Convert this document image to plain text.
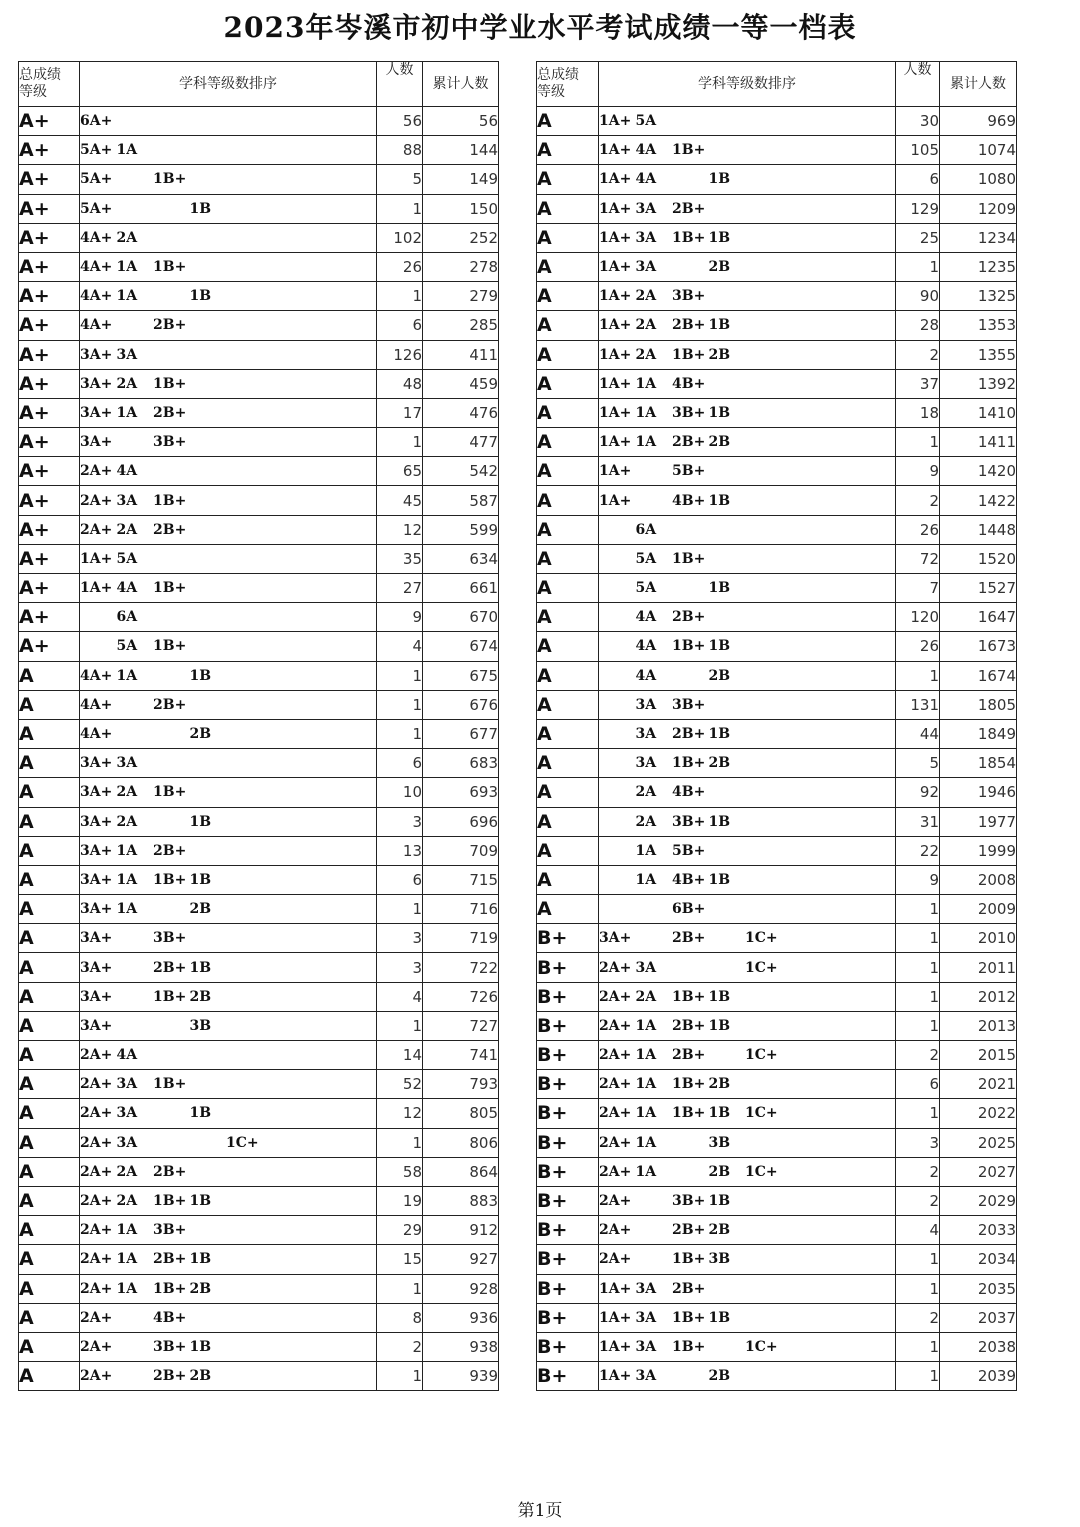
2023年岑溪市初中学业水平考试成绩一等一档表
总成绩
等级	学科等级数排序	人数	累计人数
A+	6A+	56	56
A+	5A+ 1A	88	144
A+	5A+ 1B+	5	149
A+	5A+ 1B	1	150
A+	4A+ 2A	102	252
A+	4A+ 1A 1B+	26	278
A+	4A+ 1A 1B	1	279
A+	4A+ 2B+	6	285
A+	3A+ 3A	126	411
A+	3A+ 2A 1B+	48	459
A+	3A+ 1A 2B+	17	476
A+	3A+ 3B+	1	477
A+	2A+ 4A	65	542
A+	2A+ 3A 1B+	45	587
A+	2A+ 2A 2B+	12	599
A+	1A+ 5A	35	634
A+	1A+ 4A 1B+	27	661
A+	6A	9	670
A+	5A 1B+	4	674
A	4A+ 1A 1B	1	675
A	4A+ 2B+	1	676
A	4A+ 2B	1	677
A	3A+ 3A	6	683
A	3A+ 2A 1B+	10	693
A	3A+ 2A 1B	3	696
A	3A+ 1A 2B+	13	709
A	3A+ 1A 1B+ 1B	6	715
A	3A+ 1A 2B	1	716
A	3A+ 3B+	3	719
A	3A+ 2B+ 1B	3	722
A	3A+ 1B+ 2B	4	726
A	3A+ 3B	1	727
A	2A+ 4A	14	741
A	2A+ 3A 1B+	52	793
A	2A+ 3A 1B	12	805
A	2A+ 3A 1C+	1	806
A	2A+ 2A 2B+	58	864
A	2A+ 2A 1B+ 1B	19	883
A	2A+ 1A 3B+	29	912
A	2A+ 1A 2B+ 1B	15	927
A	2A+ 1A 1B+ 2B	1	928
A	2A+ 4B+	8	936
A	2A+ 3B+ 1B	2	938
A	2A+ 2B+ 2B	1	939
总成绩
等级	学科等级数排序	人数	累计人数
A	1A+ 5A	30	969
A	1A+ 4A 1B+	105	1074
A	1A+ 4A 1B	6	1080
A	1A+ 3A 2B+	129	1209
A	1A+ 3A 1B+ 1B	25	1234
A	1A+ 3A 2B	1	1235
A	1A+ 2A 3B+	90	1325
A	1A+ 2A 2B+ 1B	28	1353
A	1A+ 2A 1B+ 2B	2	1355
A	1A+ 1A 4B+	37	1392
A	1A+ 1A 3B+ 1B	18	1410
A	1A+ 1A 2B+ 2B	1	1411
A	1A+ 5B+	9	1420
A	1A+ 4B+ 1B	2	1422
A	6A	26	1448
A	5A 1B+	72	1520
A	5A 1B	7	1527
A	4A 2B+	120	1647
A	4A 1B+ 1B	26	1673
A	4A 2B	1	1674
A	3A 3B+	131	1805
A	3A 2B+ 1B	44	1849
A	3A 1B+ 2B	5	1854
A	2A 4B+	92	1946
A	2A 3B+ 1B	31	1977
A	1A 5B+	22	1999
A	1A 4B+ 1B	9	2008
A	6B+	1	2009
B+	3A+ 2B+ 1C+	1	2010
B+	2A+ 3A 1C+	1	2011
B+	2A+ 2A 1B+ 1B	1	2012
B+	2A+ 1A 2B+ 1B	1	2013
B+	2A+ 1A 2B+ 1C+	2	2015
B+	2A+ 1A 1B+ 2B	6	2021
B+	2A+ 1A 1B+ 1B 1C+	1	2022
B+	2A+ 1A 3B	3	2025
B+	2A+ 1A 2B 1C+	2	2027
B+	2A+ 3B+ 1B	2	2029
B+	2A+ 2B+ 2B	4	2033
B+	2A+ 1B+ 3B	1	2034
B+	1A+ 3A 2B+	1	2035
B+	1A+ 3A 1B+ 1B	2	2037
B+	1A+ 3A 1B+ 1C+	1	2038
B+	1A+ 3A 2B	1	2039
第1页
